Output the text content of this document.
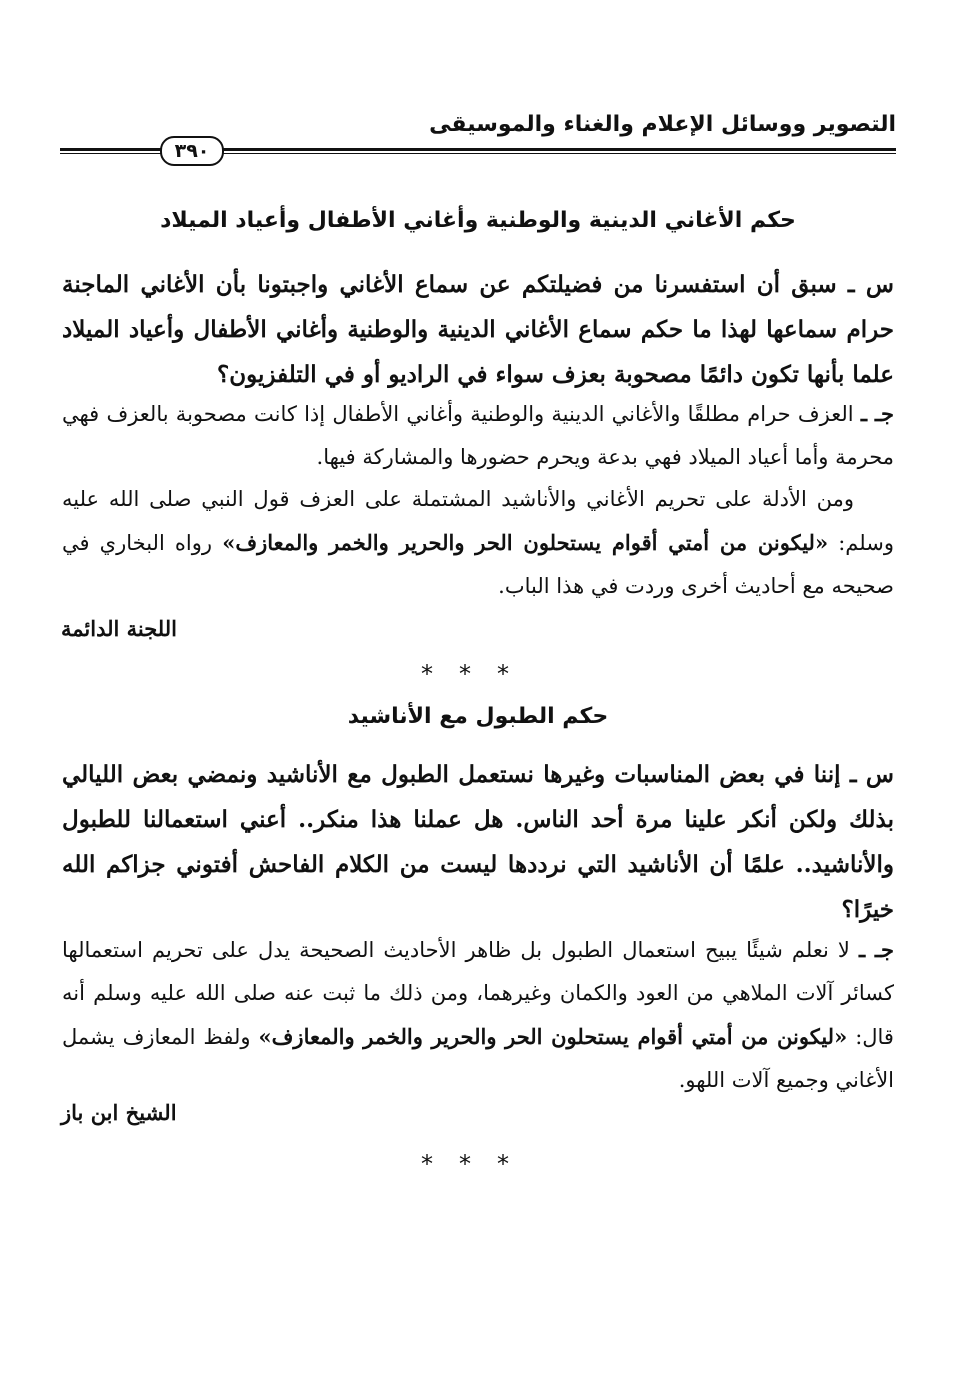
التصوير ووسائل الإعلام والغناء والموسيقى
٣٩٠
حكم الأغاني الدينية والوطنية وأغاني الأطفال وأعياد الميلاد
س ـ سبق أن استفسرنا من فضيلتكم عن سماع الأغاني واجبتونا بأن الأغاني الماجنة حرام سماعها لهذا ما حكم سماع الأغاني الدينية والوطنية وأغاني الأطفال وأعياد الميلاد علما بأنها تكون دائمًا مصحوبة بعزف سواء في الراديو أو في التلفزيون؟
جـ ـ العزف حرام مطلقًا والأغاني الدينية والوطنية وأغاني الأطفال إذا كانت مصحوبة بالعزف فهي محرمة وأما أعياد الميلاد فهي بدعة ويحرم حضورها والمشاركة فيها.
ومن الأدلة على تحريم الأغاني والأناشيد المشتملة على العزف قول النبي صلى الله عليه وسلم: «ليكونن من أمتي أقوام يستحلون الحر والحرير والخمر والمعازف» رواه البخاري في صحيحه مع أحاديث أخرى وردت في هذا الباب.
اللجنة الدائمة
***
حكم الطبول مع الأناشيد
س ـ إننا في بعض المناسبات وغيرها نستعمل الطبول مع الأناشيد ونمضي بعض الليالي بذلك ولكن أنكر علينا مرة أحد الناس. هل عملنا هذا منكر.. أعني استعمالنا للطبول والأناشيد.. علمًا أن الأناشيد التي نرددها ليست من الكلام الفاحش أفتوني جزاكم الله خيرًا؟
جـ ـ لا نعلم شيئًا يبيح استعمال الطبول بل ظاهر الأحاديث الصحيحة يدل على تحريم استعمالها كسائر آلات الملاهي من العود والكمان وغيرهما، ومن ذلك ما ثبت عنه صلى الله عليه وسلم أنه قال: «ليكونن من أمتي أقوام يستحلون الحر والحرير والخمر والمعازف» ولفظ المعازف يشمل الأغاني وجميع آلات اللهو.
الشيخ ابن باز
***
